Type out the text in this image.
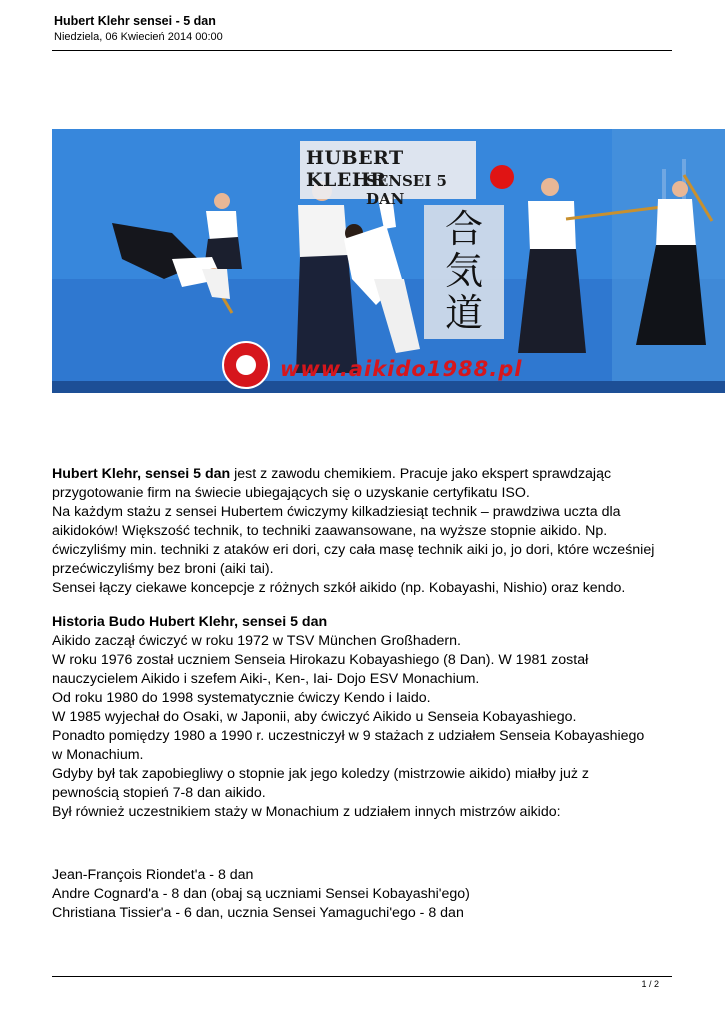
Hubert Klehr sensei - 5 dan
Niedziela, 06 Kwiecień 2014 00:00
HUBERT KLEHR
SENSEI 5 DAN
合
気
道
www.aikido1988.pl

Hubert Klehr, sensei 5 dan jest z zawodu chemikiem. Pracuje jako ekspert sprawdzając

przygotowanie firm na świecie ubiegających się o uzyskanie certyfikatu ISO.

Na każdym stażu z sensei Hubertem ćwiczymy kilkadziesiąt technik – prawdziwa uczta dla

aikidoków! Większość technik, to techniki zaawansowane, na wyższe stopnie aikido. Np.

ćwiczyliśmy min. techniki z ataków eri dori, czy cała masę technik aiki jo, jo dori, które wcześniej

przećwiczyliśmy bez broni (aiki tai).

Sensei łączy ciekawe koncepcje z różnych szkół aikido (np. Kobayashi, Nishio) oraz kendo.

Historia Budo Hubert Klehr, sensei 5 dan

Aikido zaczął ćwiczyć w roku 1972 w TSV München Großhadern.

W roku 1976 został uczniem Senseia Hirokazu Kobayashiego (8 Dan). W 1981 został

nauczycielem Aikido i szefem Aiki-, Ken-, Iai- Dojo ESV Monachium.

Od roku 1980 do 1998 systematycznie ćwiczy Kendo i Iaido.

W 1985 wyjechał do Osaki, w Japonii, aby ćwiczyć Aikido u Senseia Kobayashiego.

Ponadto pomiędzy 1980 a 1990 r. uczestniczył w 9 stażach z udziałem Senseia Kobayashiego

w Monachium.

Gdyby był tak zapobiegliwy o stopnie jak jego koledzy (mistrzowie aikido) miałby już z

pewnością stopień 7-8 dan aikido.

Był również uczestnikiem staży w Monachium z udziałem innych mistrzów aikido:

Jean-François Riondet'a - 8 dan

Andre Cognard'a - 8 dan (obaj są uczniami Sensei Kobayashi'ego)

Christiana Tissier'a - 6 dan, ucznia Sensei Yamaguchi'ego - 8 dan

1 / 2
